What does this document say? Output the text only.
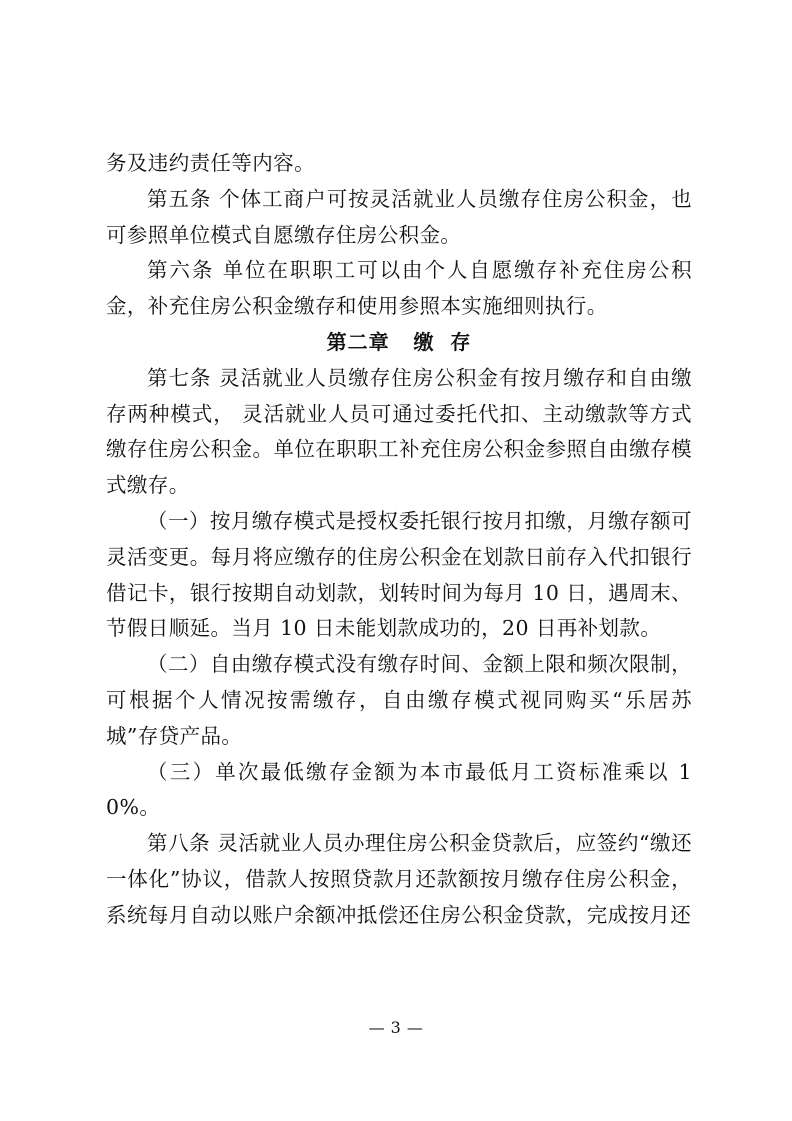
务及违约责任等内容。

第五条 个体工商户可按灵活就业人员缴存住房公积金，也可参照单位模式自愿缴存住房公积金。

第六条 单位在职职工可以由个人自愿缴存补充住房公积金，补充住房公积金缴存和使用参照本实施细则执行。

第二章   缴  存

第七条 灵活就业人员缴存住房公积金有按月缴存和自由缴存两种模式， 灵活就业人员可通过委托代扣、主动缴款等方式缴存住房公积金。单位在职职工补充住房公积金参照自由缴存模式缴存。

（一）按月缴存模式是授权委托银行按月扣缴，月缴存额可灵活变更。每月将应缴存的住房公积金在划款日前存入代扣银行借记卡，银行按期自动划款，划转时间为每月 10 日，遇周末、节假日顺延。当月 10 日未能划款成功的，20 日再补划款。

（二）自由缴存模式没有缴存时间、金额上限和频次限制，可根据个人情况按需缴存，自由缴存模式视同购买“乐居苏城”存贷产品。

（三）单次最低缴存金额为本市最低月工资标准乘以 10%。

第八条 灵活就业人员办理住房公积金贷款后，应签约“缴还一体化”协议，借款人按照贷款月还款额按月缴存住房公积金，系统每月自动以账户余额冲抵偿还住房公积金贷款，完成按月还

— 3 —
